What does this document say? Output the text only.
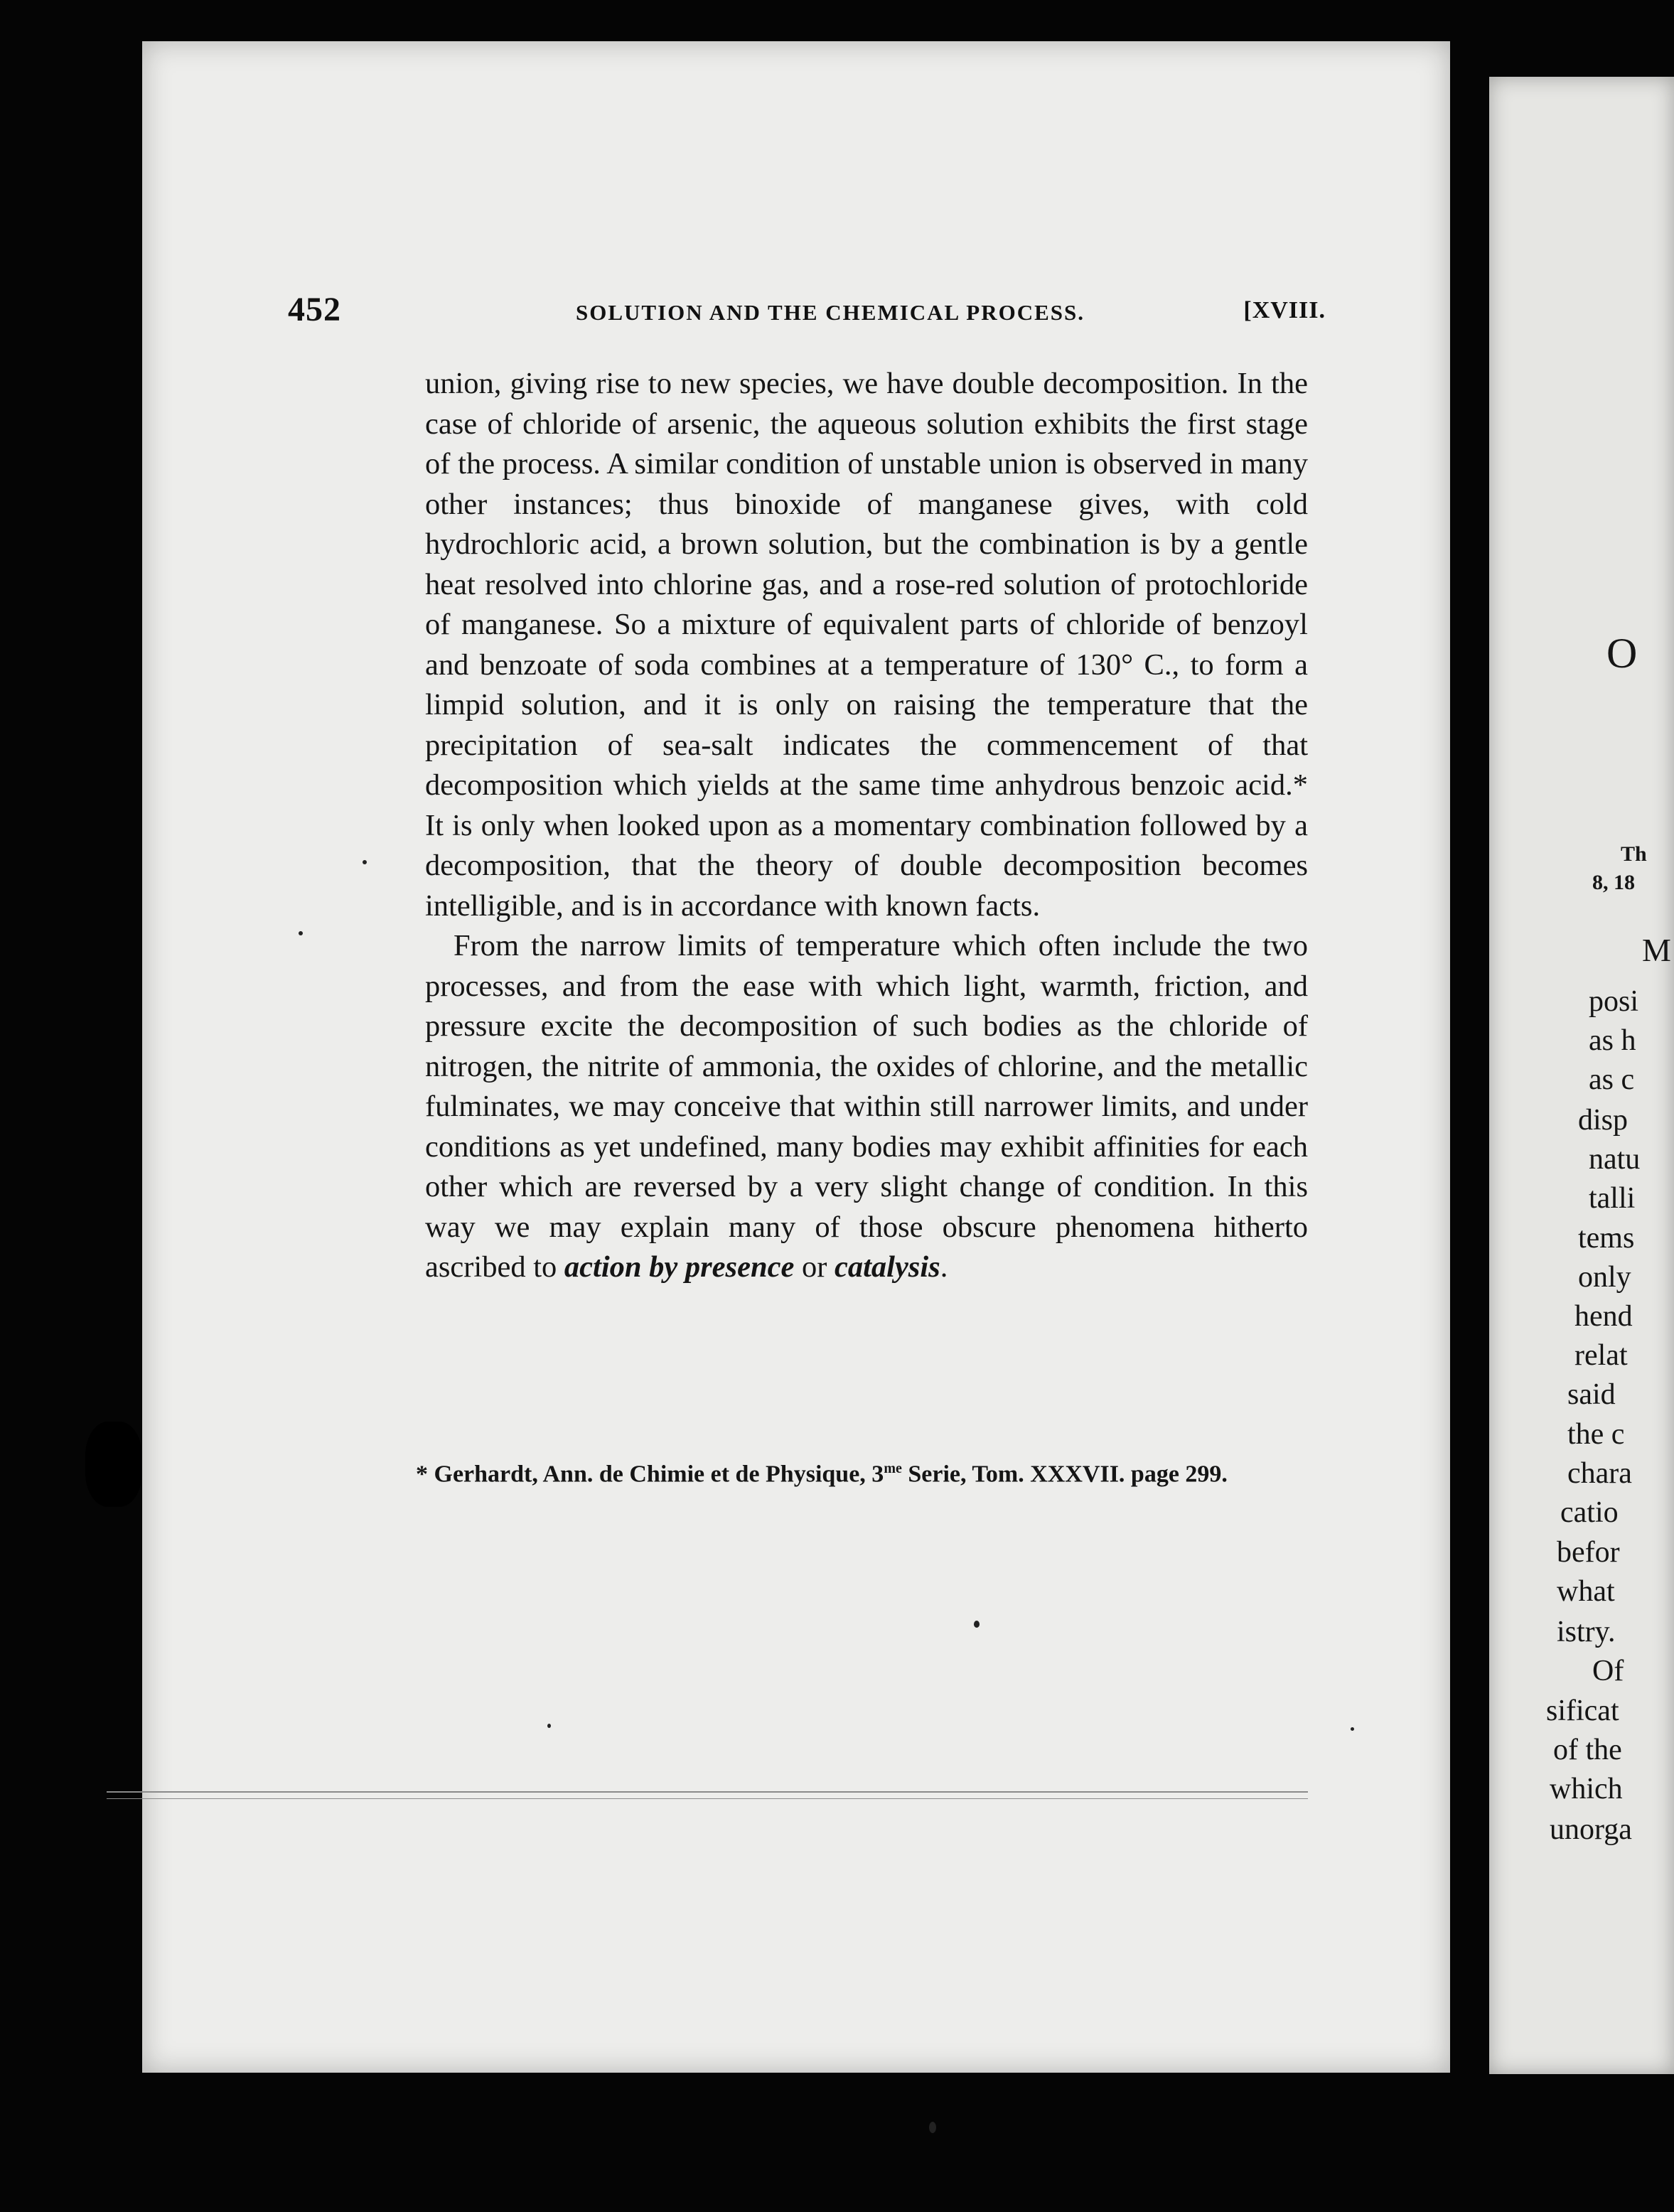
452	SOLUTION AND THE CHEMICAL PROCESS.	[XVIII.

union, giving rise to new species, we have double decomposition. In the case of chloride of arsenic, the aqueous solution exhibits the first stage of the process. A similar condition of unstable union is observed in many other instances; thus binoxide of manganese gives, with cold hydrochloric acid, a brown solution, but the combination is by a gentle heat resolved into chlorine gas, and a rose-red solution of protochloride of manganese. So a mixture of equivalent parts of chloride of benzoyl and benzoate of soda combines at a temperature of 130° C., to form a limpid solution, and it is only on raising the temperature that the precipitation of sea-salt indicates the commencement of that decomposition which yields at the same time anhydrous benzoic acid.* It is only when looked upon as a momentary combination followed by a decomposition, that the theory of double decomposition becomes intelligible, and is in accordance with known facts.

From the narrow limits of temperature which often include the two processes, and from the ease with which light, warmth, friction, and pressure excite the decomposition of such bodies as the chloride of nitrogen, the nitrite of ammonia, the oxides of chlorine, and the metallic fulminates, we may conceive that within still narrower limits, and under conditions as yet undefined, many bodies may exhibit affinities for each other which are reversed by a very slight change of condition. In this way we may explain many of those obscure phenomena hitherto ascribed to action by presence or catalysis.

* Gerhardt, Ann. de Chimie et de Physique, $3^{me}$ Serie, Tom. XXXVII. page 299.
O
Th
8, 18
M
posi
as h
as c
disp
natu
talli
tems
only
hend
relat
said
the c
chara
catio
befor
what
istry.
Of
sificat
of the
which
unorga
